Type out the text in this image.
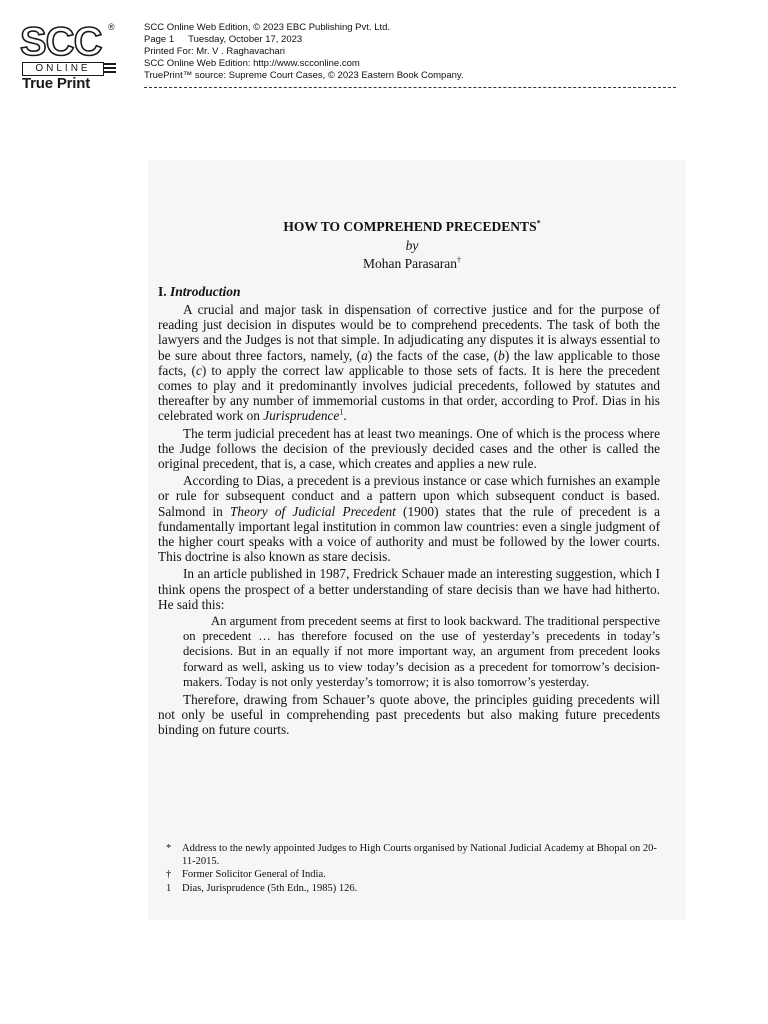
SCC ®
ONLINE
True Print
SCC Online Web Edition, © 2023 EBC Publishing Pvt. Ltd.
Page 1 Tuesday, October 17, 2023
Printed For: Mr. V . Raghavachari
SCC Online Web Edition: http://www.scconline.com
TruePrint™ source: Supreme Court Cases, © 2023 Eastern Book Company.
HOW TO COMPREHEND PRECEDENTS*
by
Mohan Parasaran†
I. Introduction

A crucial and major task in dispensation of corrective justice and for the purpose of reading just decision in disputes would be to comprehend precedents. The task of both the lawyers and the Judges is not that simple. In adjudicating any disputes it is always essential to be sure about three factors, namely, (a) the facts of the case, (b) the law applicable to those facts, (c) to apply the correct law applicable to those sets of facts. It is here the precedent comes to play and it predominantly involves judicial precedents, followed by statutes and thereafter by any number of immemorial customs in that order, according to Prof. Dias in his celebrated work on Jurisprudence$^1$.

The term judicial precedent has at least two meanings. One of which is the process where the Judge follows the decision of the previously decided cases and the other is called the original precedent, that is, a case, which creates and applies a new rule.

According to Dias, a precedent is a previous instance or case which furnishes an example or rule for subsequent conduct and a pattern upon which subsequent conduct is based. Salmond in Theory of Judicial Precedent (1900) states that the rule of precedent is a fundamentally important legal institution in common law countries: even a single judgment of the higher court speaks with a voice of authority and must be followed by the lower courts. This doctrine is also known as stare decisis.

In an article published in 1987, Fredrick Schauer made an interesting suggestion, which I think opens the prospect of a better understanding of stare decisis than we have had hitherto. He said this:

An argument from precedent seems at first to look backward. The traditional perspective on precedent … has therefore focused on the use of yesterday’s precedents in today’s decisions. But in an equally if not more important way, an argument from precedent looks forward as well, asking us to view today’s decision as a precedent for tomorrow’s decision-makers. Today is not only yesterday’s tomorrow; it is also tomorrow’s yesterday.

Therefore, drawing from Schauer’s quote above, the principles guiding precedents will not only be useful in comprehending past precedents but also making future precedents binding on future courts.

*	Address to the newly appointed Judges to High Courts organised by National Judicial Academy at Bhopal on 20-11-2015.
†	Former Solicitor General of India.
1	Dias, Jurisprudence (5th Edn., 1985) 126.
